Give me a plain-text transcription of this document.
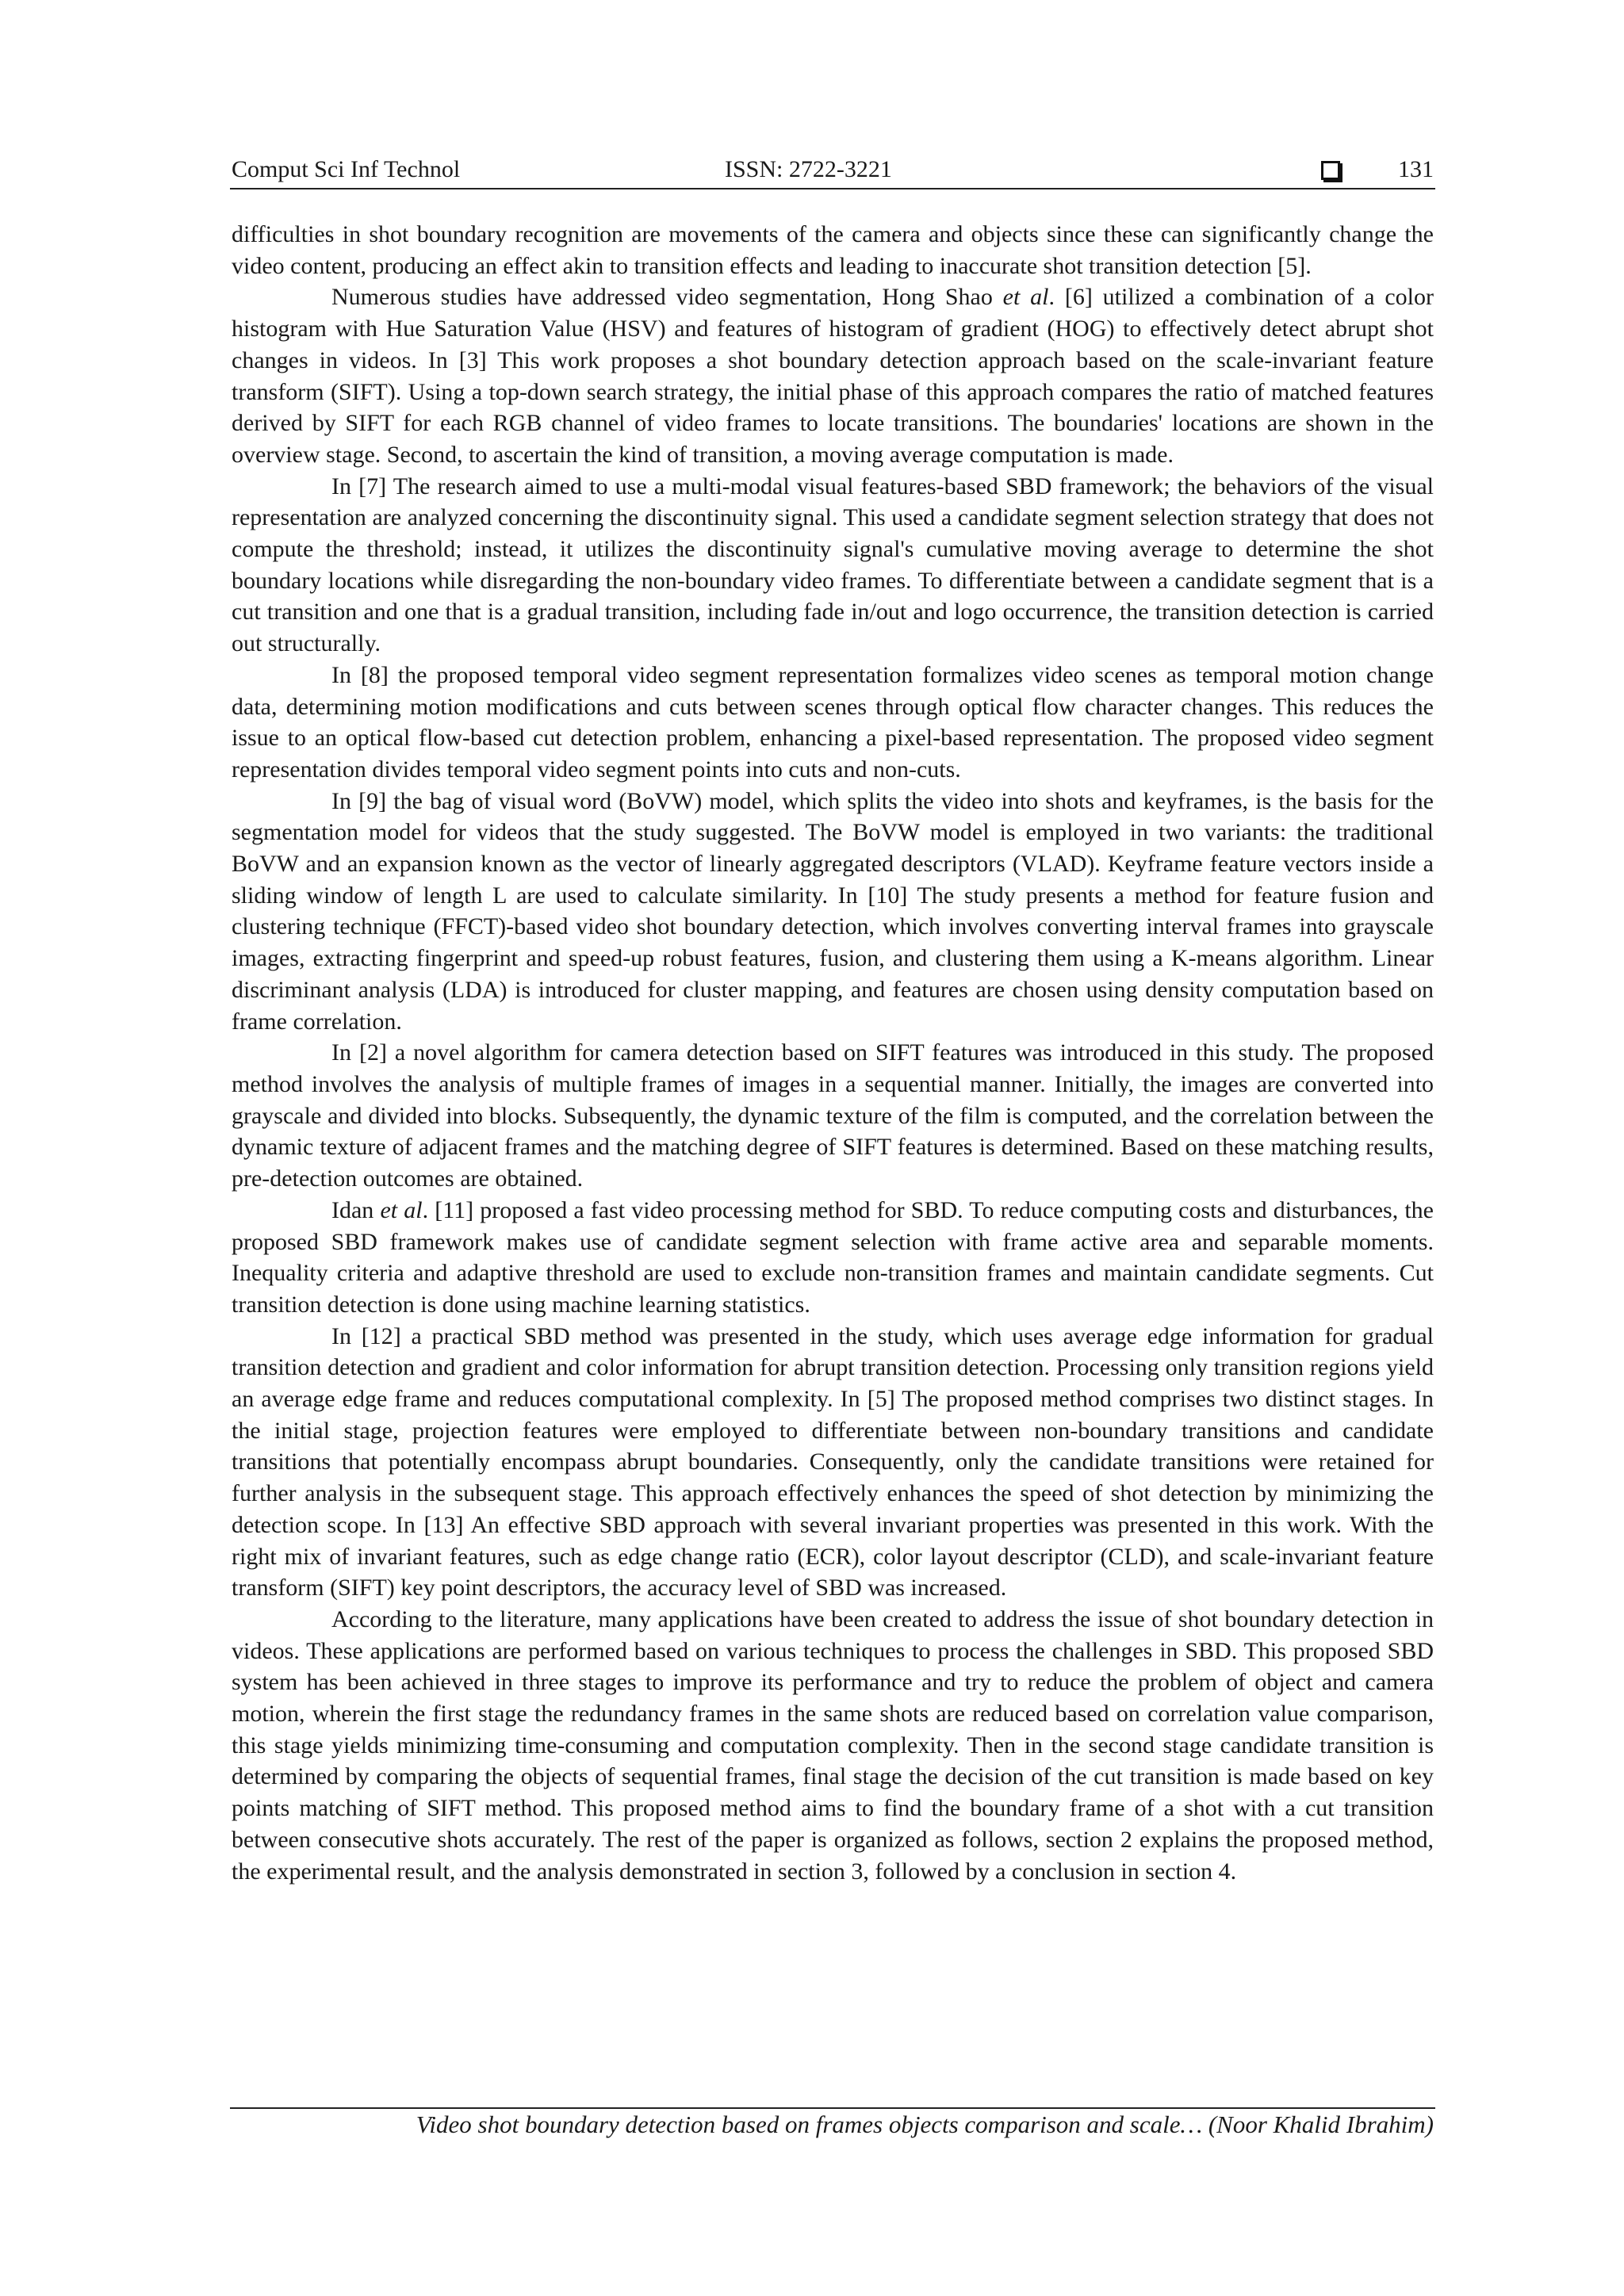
Comput Sci Inf Technol	ISSN: 2722-3221	131

difficulties in shot boundary recognition are movements of the camera and objects since these can significantly change the video content, producing an effect akin to transition effects and leading to inaccurate shot transition detection [5].

Numerous studies have addressed video segmentation, Hong Shao et al. [6] utilized a combination of a color histogram with Hue Saturation Value (HSV) and features of histogram of gradient (HOG) to effectively detect abrupt shot changes in videos. In [3] This work proposes a shot boundary detection approach based on the scale-invariant feature transform (SIFT). Using a top-down search strategy, the initial phase of this approach compares the ratio of matched features derived by SIFT for each RGB channel of video frames to locate transitions. The boundaries' locations are shown in the overview stage. Second, to ascertain the kind of transition, a moving average computation is made.

In [7] The research aimed to use a multi-modal visual features-based SBD framework; the behaviors of the visual representation are analyzed concerning the discontinuity signal. This used a candidate segment selection strategy that does not compute the threshold; instead, it utilizes the discontinuity signal's cumulative moving average to determine the shot boundary locations while disregarding the non-boundary video frames. To differentiate between a candidate segment that is a cut transition and one that is a gradual transition, including fade in/out and logo occurrence, the transition detection is carried out structurally.

In [8] the proposed temporal video segment representation formalizes video scenes as temporal motion change data, determining motion modifications and cuts between scenes through optical flow character changes. This reduces the issue to an optical flow-based cut detection problem, enhancing a pixel-based representation. The proposed video segment representation divides temporal video segment points into cuts and non-cuts.

In [9] the bag of visual word (BoVW) model, which splits the video into shots and keyframes, is the basis for the segmentation model for videos that the study suggested. The BoVW model is employed in two variants: the traditional BoVW and an expansion known as the vector of linearly aggregated descriptors (VLAD). Keyframe feature vectors inside a sliding window of length L are used to calculate similarity. In [10] The study presents a method for feature fusion and clustering technique (FFCT)-based video shot boundary detection, which involves converting interval frames into grayscale images, extracting fingerprint and speed-up robust features, fusion, and clustering them using a K-means algorithm. Linear discriminant analysis (LDA) is introduced for cluster mapping, and features are chosen using density computation based on frame correlation.

In [2] a novel algorithm for camera detection based on SIFT features was introduced in this study. The proposed method involves the analysis of multiple frames of images in a sequential manner. Initially, the images are converted into grayscale and divided into blocks. Subsequently, the dynamic texture of the film is computed, and the correlation between the dynamic texture of adjacent frames and the matching degree of SIFT features is determined. Based on these matching results, pre-detection outcomes are obtained.

Idan et al. [11] proposed a fast video processing method for SBD. To reduce computing costs and disturbances, the proposed SBD framework makes use of candidate segment selection with frame active area and separable moments. Inequality criteria and adaptive threshold are used to exclude non-transition frames and maintain candidate segments. Cut transition detection is done using machine learning statistics.

In [12] a practical SBD method was presented in the study, which uses average edge information for gradual transition detection and gradient and color information for abrupt transition detection. Processing only transition regions yield an average edge frame and reduces computational complexity. In [5] The proposed method comprises two distinct stages. In the initial stage, projection features were employed to differentiate between non-boundary transitions and candidate transitions that potentially encompass abrupt boundaries. Consequently, only the candidate transitions were retained for further analysis in the subsequent stage. This approach effectively enhances the speed of shot detection by minimizing the detection scope. In [13] An effective SBD approach with several invariant properties was presented in this work. With the right mix of invariant features, such as edge change ratio (ECR), color layout descriptor (CLD), and scale-invariant feature transform (SIFT) key point descriptors, the accuracy level of SBD was increased.

According to the literature, many applications have been created to address the issue of shot boundary detection in videos. These applications are performed based on various techniques to process the challenges in SBD. This proposed SBD system has been achieved in three stages to improve its performance and try to reduce the problem of object and camera motion, wherein the first stage the redundancy frames in the same shots are reduced based on correlation value comparison, this stage yields minimizing time-consuming and computation complexity. Then in the second stage candidate transition is determined by comparing the objects of sequential frames, final stage the decision of the cut transition is made based on key points matching of SIFT method. This proposed method aims to find the boundary frame of a shot with a cut transition between consecutive shots accurately. The rest of the paper is organized as follows, section 2 explains the proposed method, the experimental result, and the analysis demonstrated in section 3, followed by a conclusion in section 4.

Video shot boundary detection based on frames objects comparison and scale… (Noor Khalid Ibrahim)
